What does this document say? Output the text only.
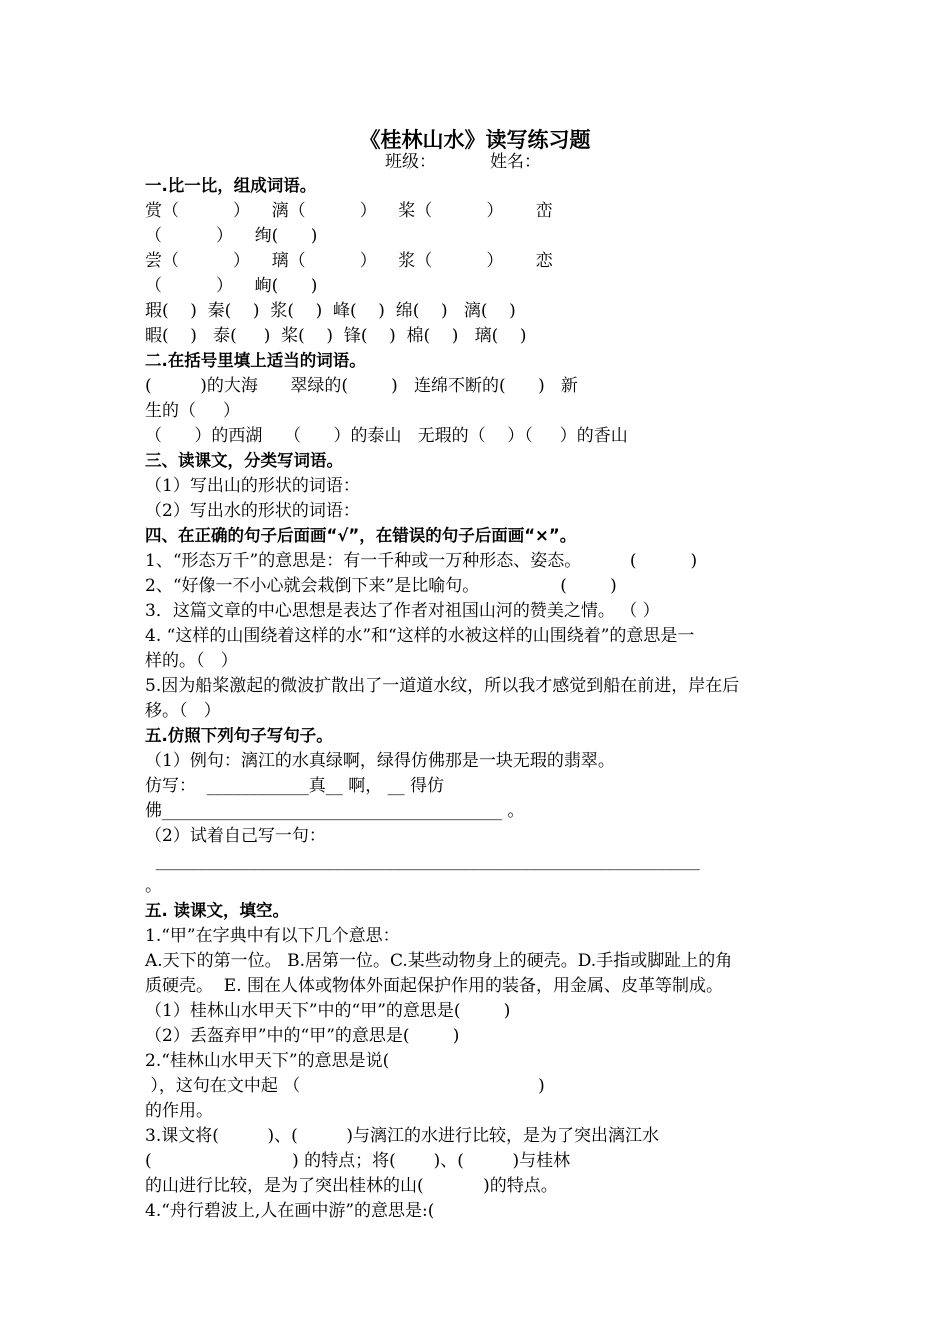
《桂林山水》读写练习题
班级：          姓名：
一.比一比，组成词语。
赏（          ）    漓（          ）    桨（          ）      峦
（          ）    绚(      )
尝（          ）    璃（          ）    浆（          ）      恋
（          ）    峋(      )
瑕(    )  秦(    )  浆(    )  峰(    )  绵(    )   漓(    )
暇(    )   泰(     )  桨(    )  锋(    )  棉(    )   璃(    )
二.在括号里填上适当的词语。
(         )的大海      翠绿的(        )   连绵不断的(      )   新
生的（     ）
（      ）的西湖    （      ）的泰山   无瑕的（    ）（     ）的香山
三、读课文，分类写词语。
（1）写出山的形状的词语：
（2）写出水的形状的词语：
四、在正确的句子后面画“√”，在错误的句子后面画“×”。
1、“形态万千”的意思是：有一千种或一万种形态、姿态。         (          )
2、“好像一不小心就会栽倒下来”是比喻句。               (        )
3．这篇文章的中心思想是表达了作者对祖国山河的赞美之情。 （ ）
4. “这样的山围绕着这样的水”和“这样的水被这样的山围绕着”的意思是一
样的。（   ）
5.因为船桨激起的微波扩散出了一道道水纹，所以我才感觉到船在前进，岸在后
移。（   ）
五.仿照下列句子写句子。
（1）例句：漓江的水真绿啊，绿得仿佛那是一块无瑕的翡翠。
仿写：  ____________真__ 啊， __ 得仿
佛________________________________________ 。
（2）试着自己写一句：
________________________________________________________________
。
五. 读课文，填空。
1.“甲”在字典中有以下几个意思：
A.天下的第一位。 B.居第一位。C.某些动物身上的硬壳。D.手指或脚趾上的角
质硬壳。  E. 围在人体或物体外面起保护作用的装备，用金属、皮革等制成。
（1）桂林山水甲天下”中的“甲”的意思是(        )
（2）丢盔弃甲”中的“甲”的意思是(        )
2.“桂林山水甲天下”的意思是说(
），这句在文中起 （                                            )
的作用。
3.课文将(         )、(         )与漓江的水进行比较，是为了突出漓江水
(                          ) 的特点；将(       )、(         )与桂林
的山进行比较，是为了突出桂林的山(           )的特点。
4.“舟行碧波上,人在画中游”的意思是:(
